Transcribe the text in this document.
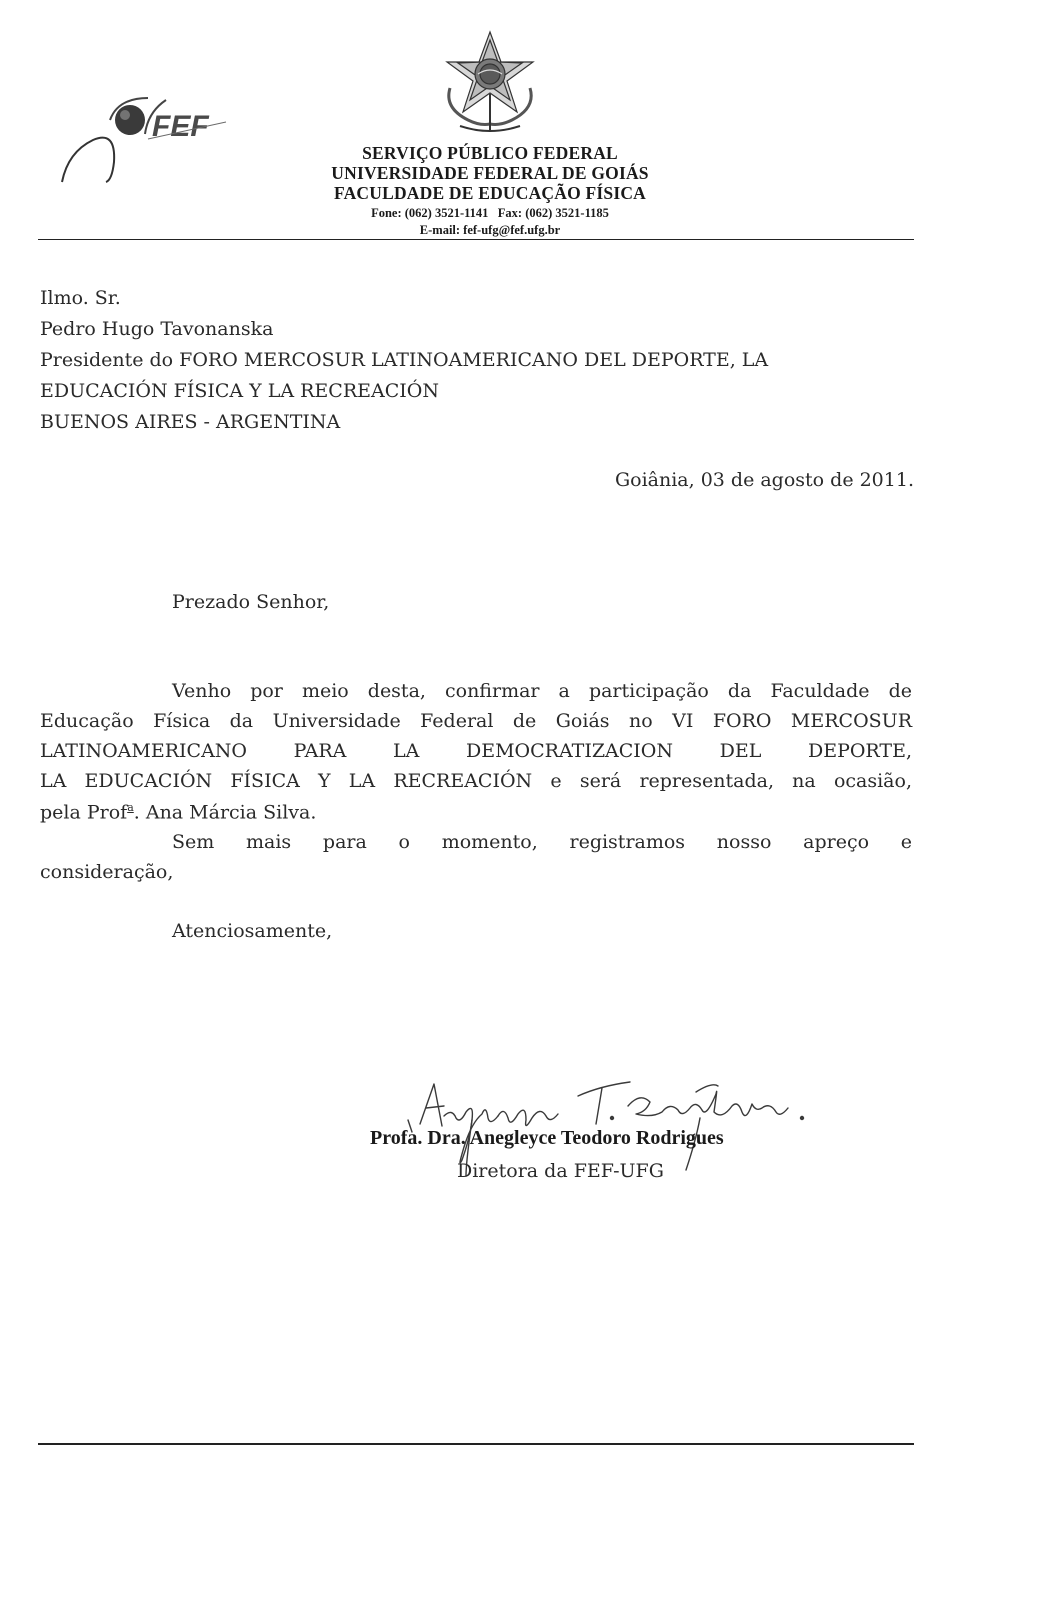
FEF
SERVIÇO PÚBLICO FEDERAL
UNIVERSIDADE FEDERAL DE GOIÁS
FACULDADE DE EDUCAÇÃO FÍSICA
Fone: (062) 3521-1141   Fax: (062) 3521-1185
E-mail: fef-ufg@fef.ufg.br
Ilmo. Sr.
Pedro Hugo Tavonanska
Presidente do FORO MERCOSUR LATINOAMERICANO DEL DEPORTE, LA
EDUCACIÓN FÍSICA Y LA RECREACIÓN
BUENOS AIRES - ARGENTINA
Goiânia, 03 de agosto de 2011.
Prezado Senhor,
Venho por meio desta, confirmar a participação da Faculdade de
Educação Física da Universidade Federal de Goiás no VI FORO MERCOSUR
LATINOAMERICANO PARA LA DEMOCRATIZACION DEL DEPORTE,
LA EDUCACIÓN FÍSICA Y LA RECREACIÓN e será representada, na ocasião,
pela Prof$^a$. Ana Márcia Silva.
Sem mais para o momento, registramos nosso apreço e
consideração,
Atenciosamente,
Profa. Dra. Anegleyce Teodoro Rodrigues
Diretora da FEF-UFG
